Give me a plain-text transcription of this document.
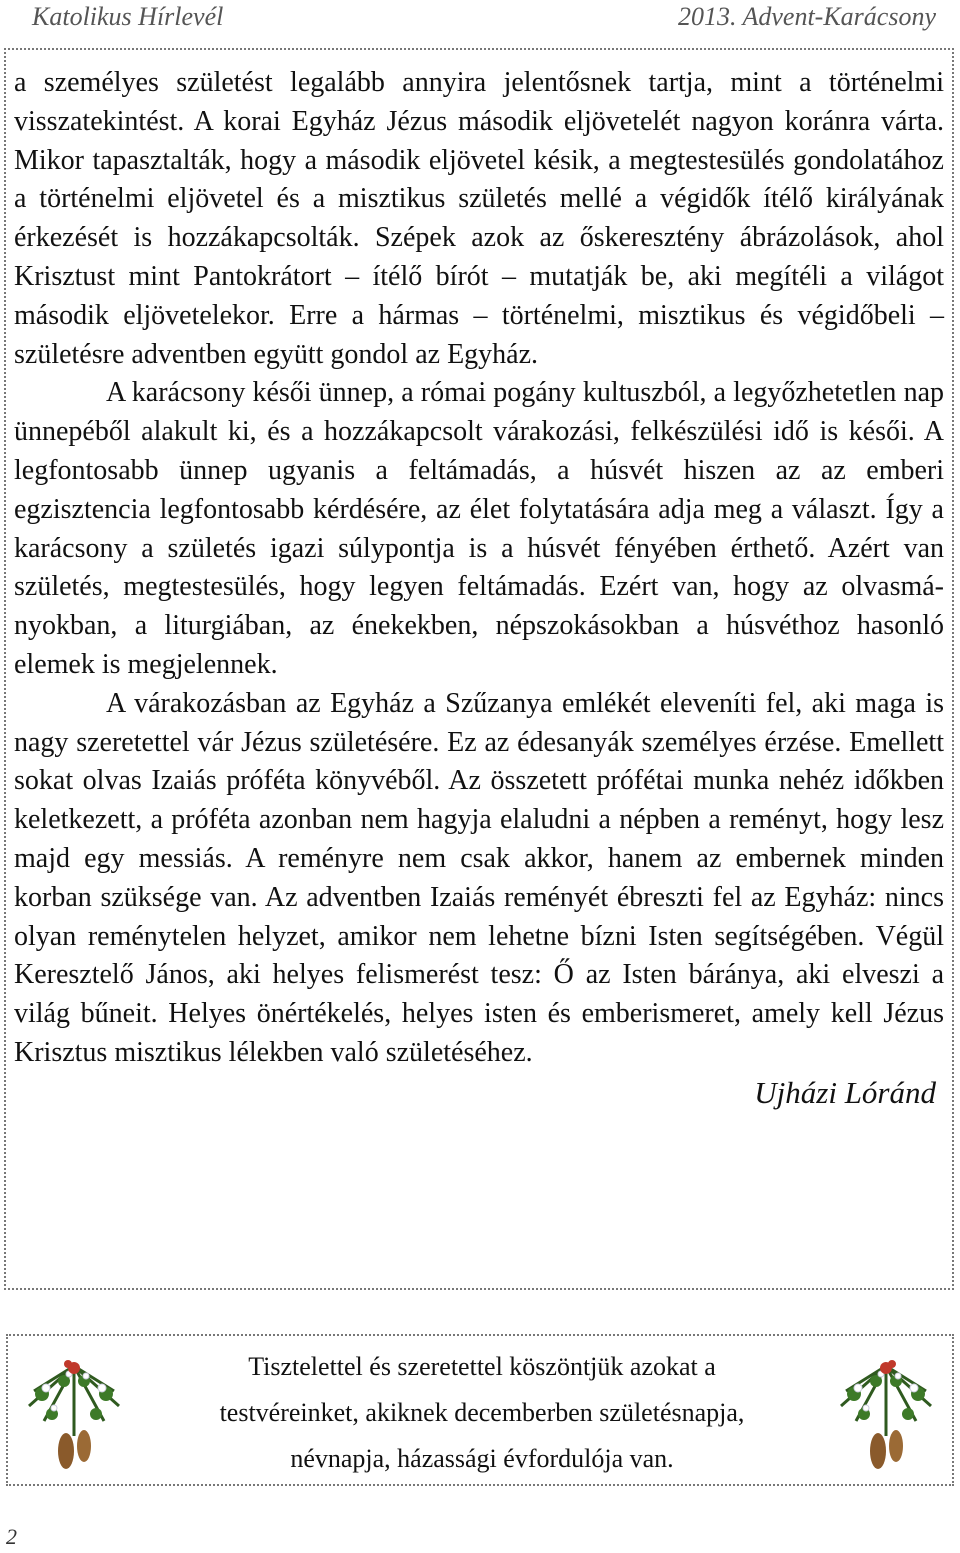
Katolikus Hírlevél	2013. Advent-Karácsony

a személyes születést legalább annyira jelentősnek tartja, mint a történelmi visszatekintést. A korai Egyház Jézus második eljövetelét nagyon koránra várta. Mikor tapasztalták, hogy a második eljövetel késik, a megtestesülés gondolatához a történelmi eljövetel és a misztikus születés mellé a végidők ítélő királyának érkezését is hozzákapcsolták. Szépek azok az őskeresztény ábrázolások, ahol Krisztust mint Pantokrátort – ítélő bírót – mutatják be, aki megítéli a világot második eljövetelekor. Erre a hármas – történelmi, misztikus és végidőbeli – születésre adventben együtt gondol az Egyház.

A karácsony késői ünnep, a római pogány kultuszból, a legyőzhetetlen nap ünnepéből alakult ki, és a hozzákapcsolt várakozási, felkészülési idő is késői. A legfontosabb ünnep ugyanis a feltámadás, a húsvét hiszen az az emberi egzisztencia legfontosabb kérdésére, az élet folytatására adja meg a választ. Így a karácsony a születés igazi súlypontja is a húsvét fényében érthető. Azért van születés, megtestesülés, hogy legyen feltámadás. Ezért van, hogy az olvasmányokban, a liturgiában, az énekekben, népszokásokban a húsvéthoz hasonló elemek is megjelennek.

A várakozásban az Egyház a Szűzanya emlékét eleveníti fel, aki maga is nagy szeretettel vár Jézus születésére. Ez az édesanyák személyes érzése. Emellett sokat olvas Izaiás próféta könyvéből. Az összetett prófétai munka nehéz időkben keletkezett, a próféta azonban nem hagyja elaludni a népben a reményt, hogy lesz majd egy messiás. A reményre nem csak akkor, hanem az embernek minden korban szüksége van. Az adventben Izaiás reményét ébreszti fel az Egyház: nincs olyan reménytelen helyzet, amikor nem lehetne bízni Isten segítségében. Végül Keresztelő János, aki helyes felismerést tesz: Ő az Isten báránya, aki elveszi a világ bűneit. Helyes önértékelés, helyes isten és emberismeret, amely kell Jézus Krisztus misztikus lélekben való születéséhez.

Ujházi Lóránd

Tisztelettel és szeretettel köszöntjük azokat a
testvéreinket, akiknek decemberben születésnapja,
névnapja, házassági évfordulója van.
2
